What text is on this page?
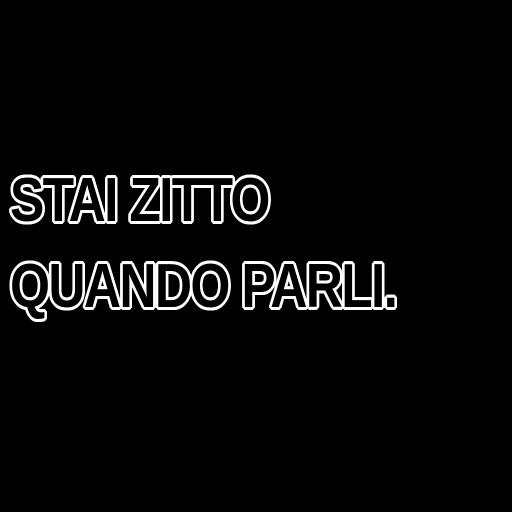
STAI ZITTO
QUANDO PARLI.
